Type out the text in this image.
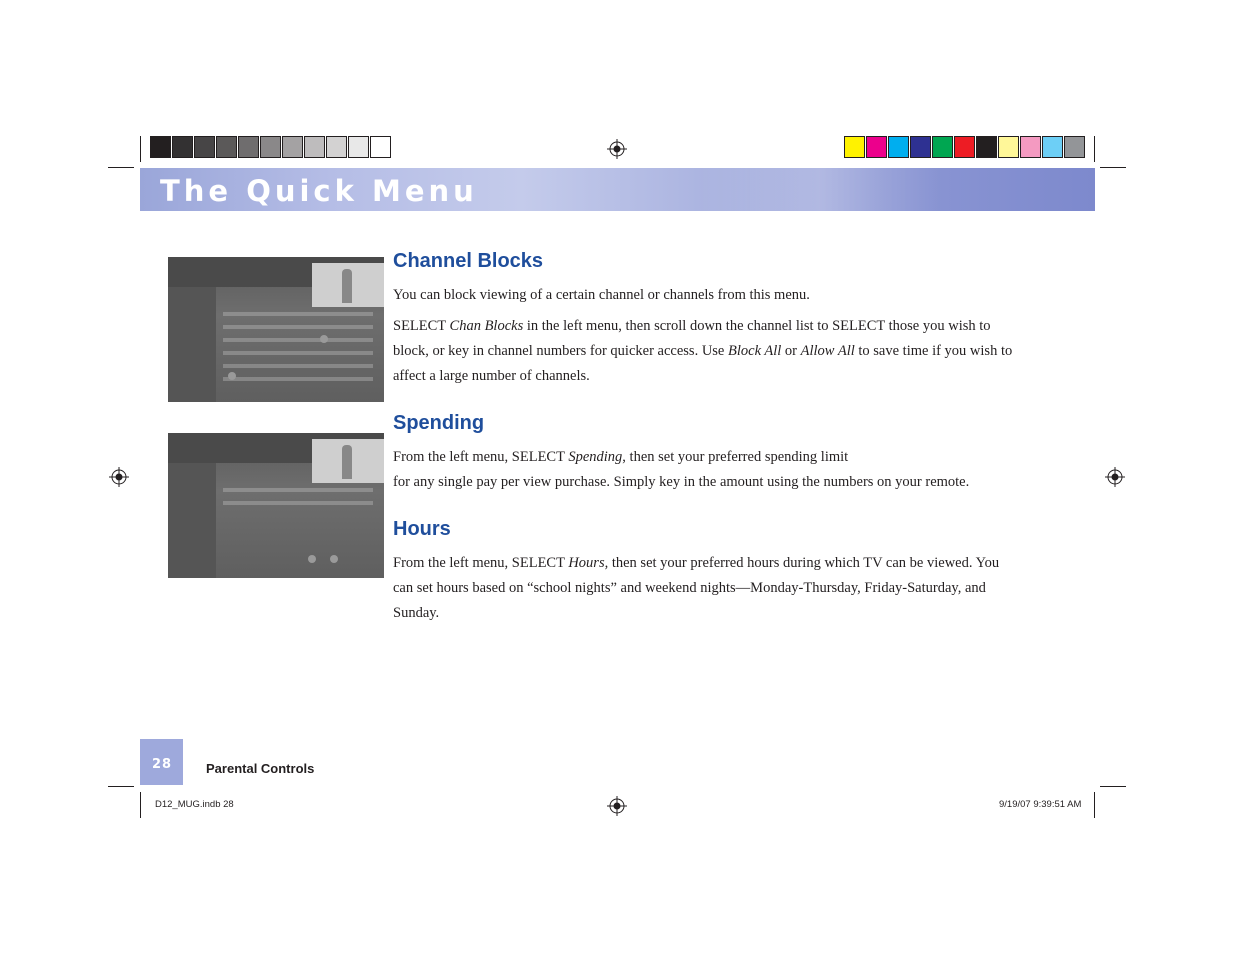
The Quick Menu
Channel Blocks

You can block viewing of a certain channel or channels from this menu.

SELECT Chan Blocks in the left menu, then scroll down the channel list to SELECT those you wish to block, or key in channel numbers for quicker access. Use Block All or Allow All to save time if you wish to affect a large number of channels.

Spending

From the left menu, SELECT Spending, then set your preferred spending limit
for any single pay per view purchase. Simply key in the amount using the numbers on your remote.

Hours

From the left menu, SELECT Hours, then set your preferred hours during which TV can be viewed. You can set hours based on “school nights” and weekend nights—Monday-Thursday, Friday-Saturday, and Sunday.

28	Parental Controls
D12_MUG.indb 28	9/19/07 9:39:51 AM
